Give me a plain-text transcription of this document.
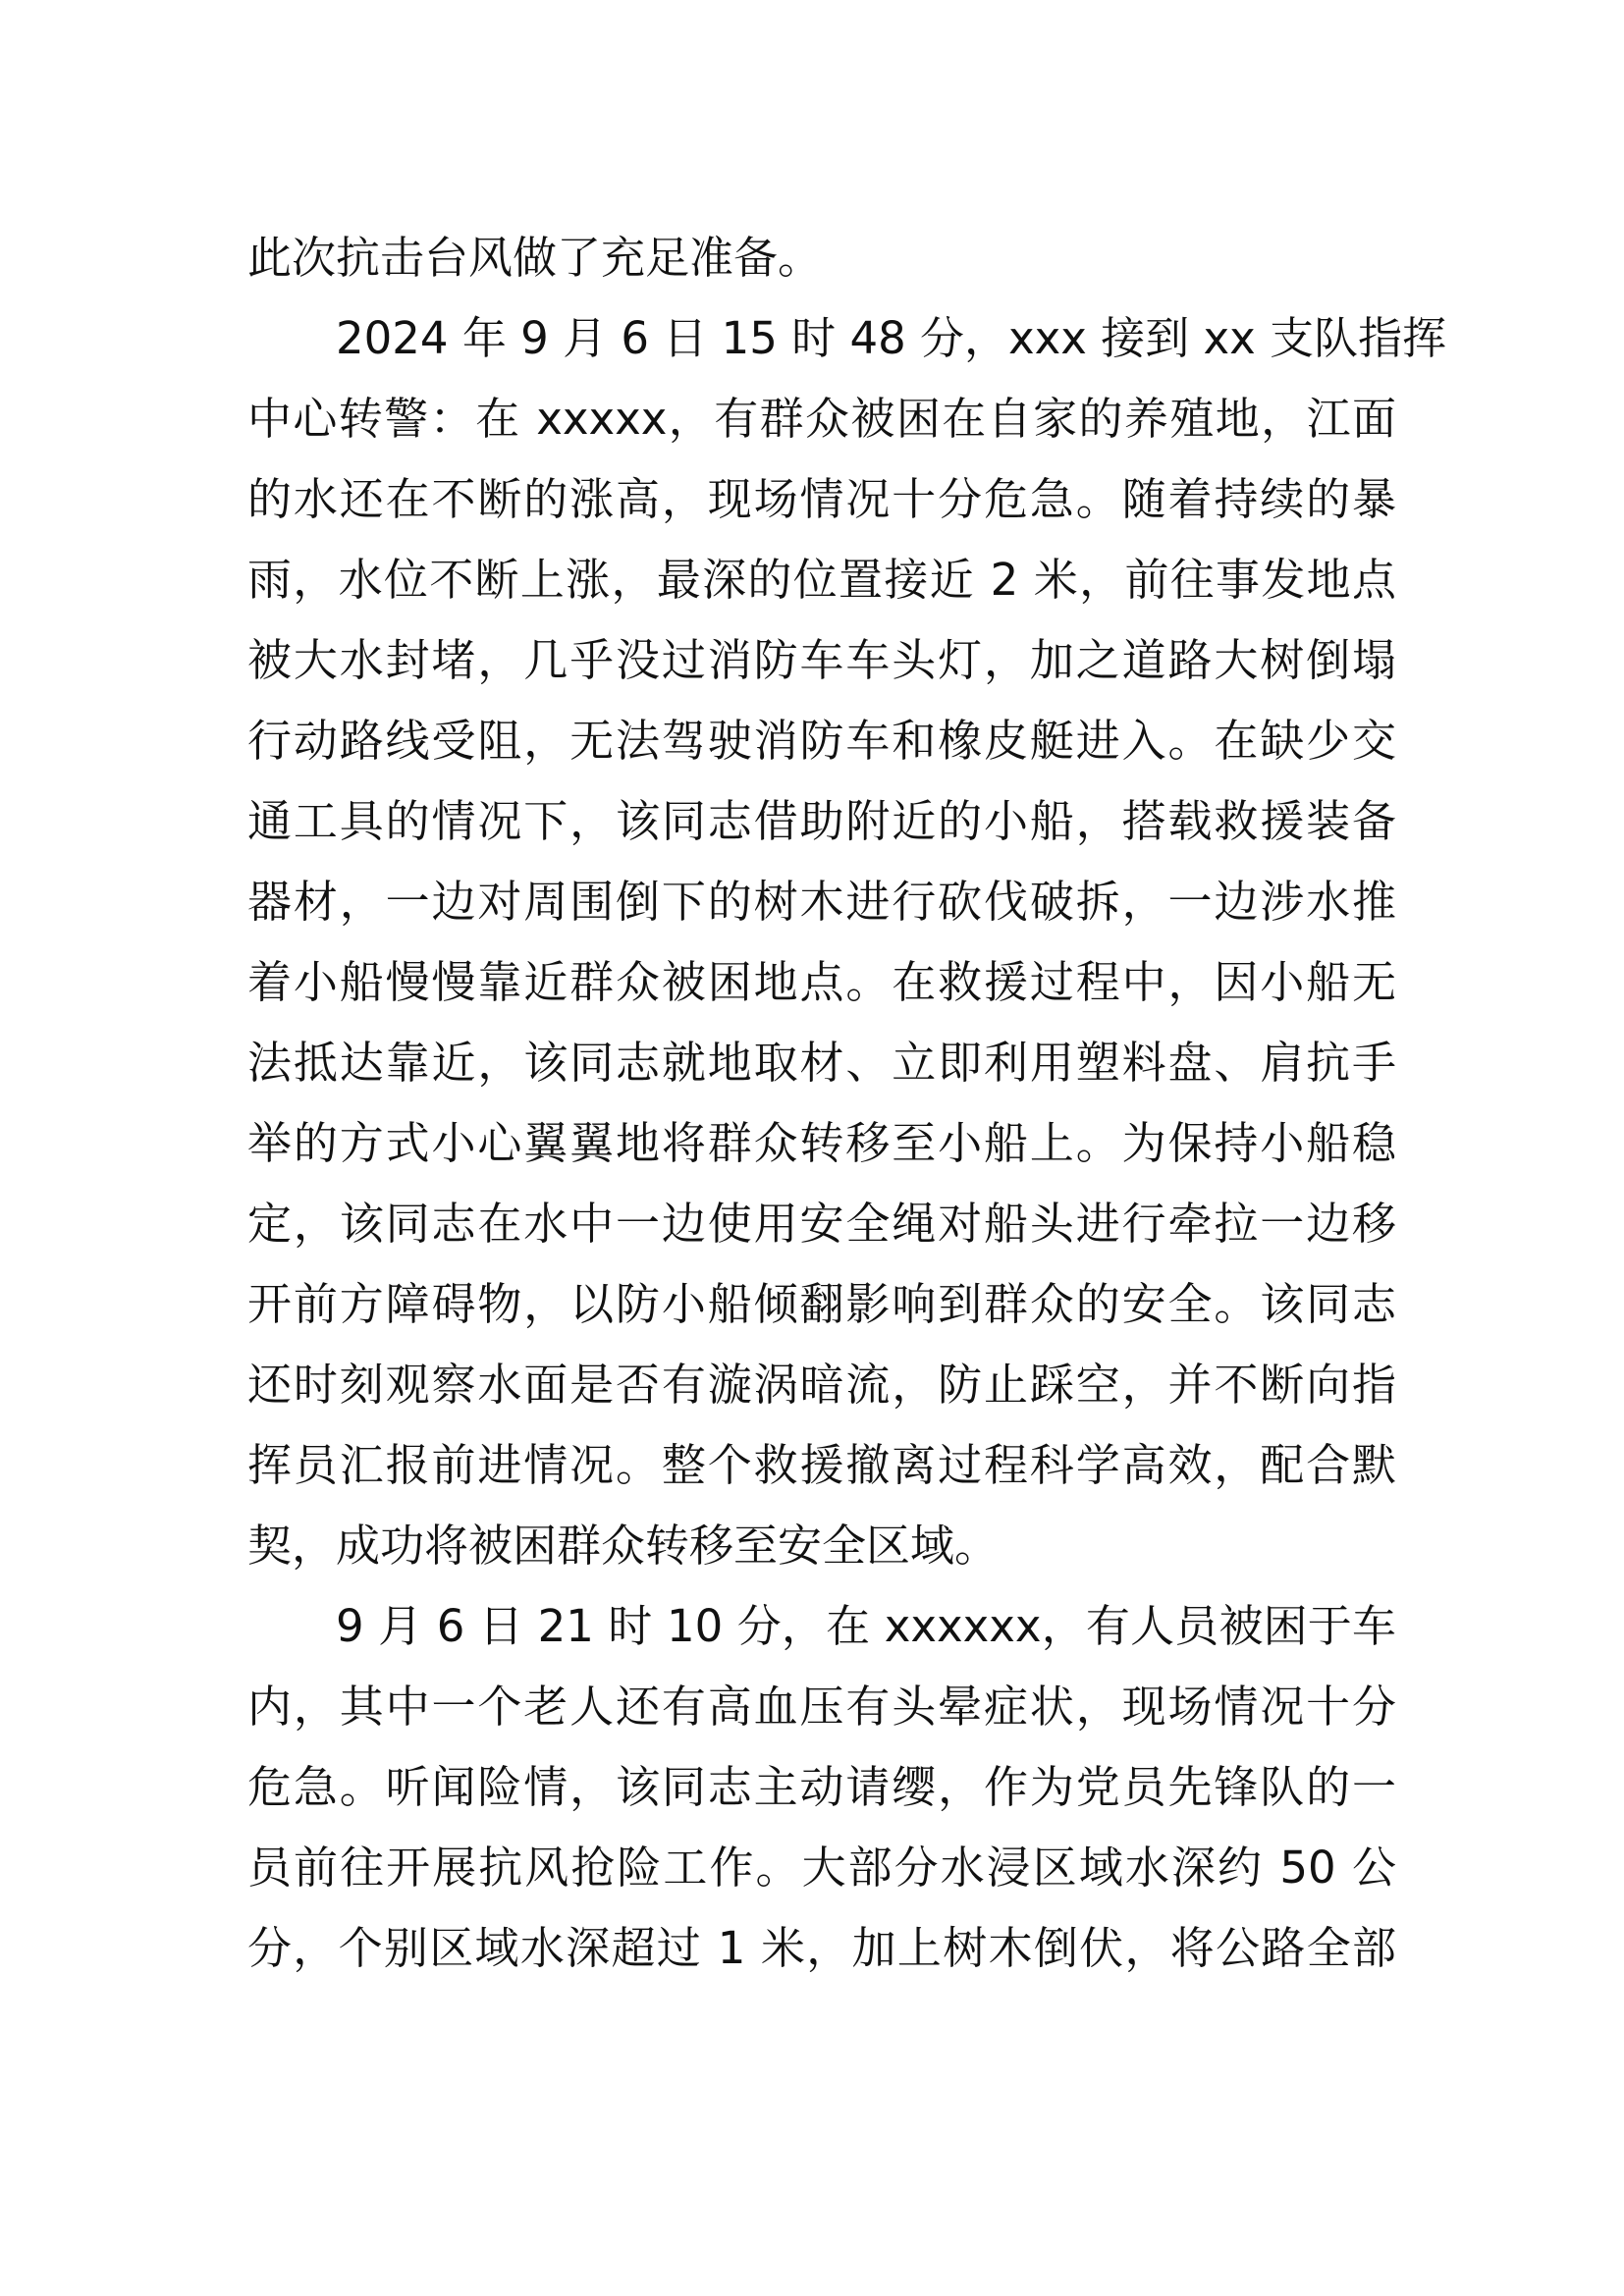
此次抗击台风做了充足准备。
2024 年 9 月 6 日 15 时 48 分，xxx 接到 xx 支队指挥
中心转警：在 xxxxx，有群众被困在自家的养殖地，江面
的水还在不断的涨高，现场情况十分危急。随着持续的暴
雨，水位不断上涨，最深的位置接近 2 米，前往事发地点
被大水封堵，几乎没过消防车车头灯，加之道路大树倒塌
行动路线受阻，无法驾驶消防车和橡皮艇进入。在缺少交
通工具的情况下，该同志借助附近的小船，搭载救援装备
器材，一边对周围倒下的树木进行砍伐破拆，一边涉水推
着小船慢慢靠近群众被困地点。在救援过程中，因小船无
法抵达靠近，该同志就地取材、立即利用塑料盘、肩抗手
举的方式小心翼翼地将群众转移至小船上。为保持小船稳
定，该同志在水中一边使用安全绳对船头进行牵拉一边移
开前方障碍物，以防小船倾翻影响到群众的安全。该同志
还时刻观察水面是否有漩涡暗流，防止踩空，并不断向指
挥员汇报前进情况。整个救援撤离过程科学高效，配合默
契，成功将被困群众转移至安全区域。
9 月 6 日 21 时 10 分，在 xxxxxx，有人员被困于车
内，其中一个老人还有高血压有头晕症状，现场情况十分
危急。听闻险情，该同志主动请缨，作为党员先锋队的一
员前往开展抗风抢险工作。大部分水浸区域水深约 50 公
分，个别区域水深超过 1 米，加上树木倒伏，将公路全部
